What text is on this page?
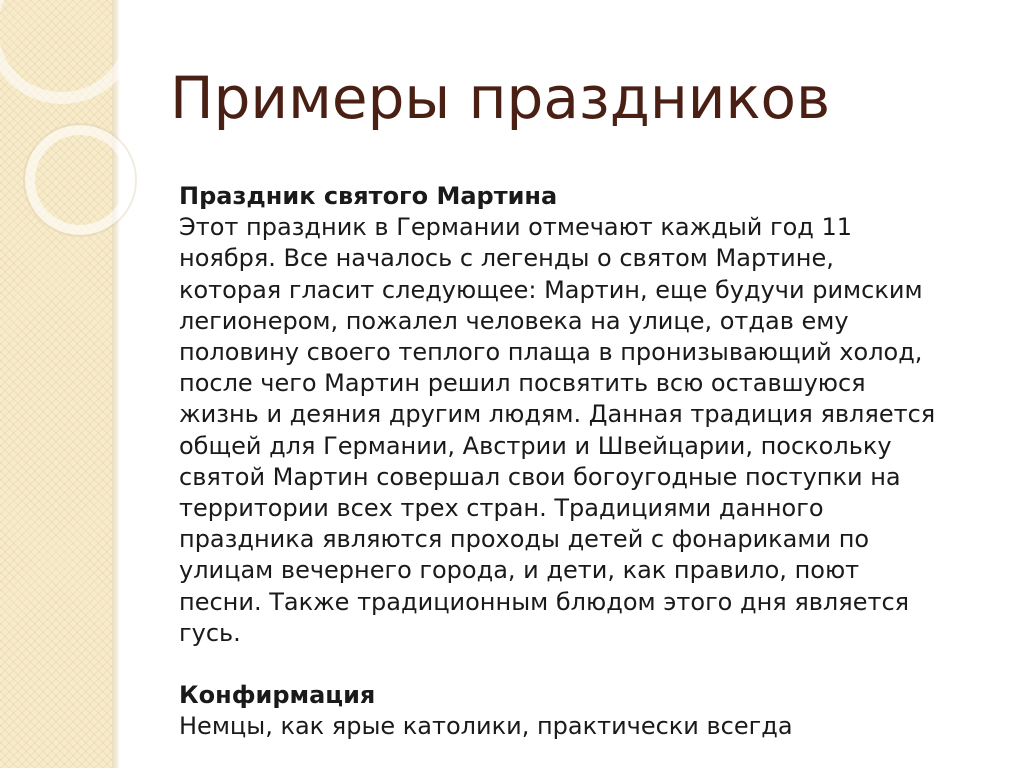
Примеры праздников
Праздник святого Мартина

Этот праздник в Германии отмечают каждый год 11 ноября. Все началось с легенды о святом Мартине, которая гласит следующее: Мартин, еще будучи римским легионером, пожалел человека на улице, отдав ему половину своего теплого плаща в пронизывающий холод, после чего Мартин решил посвятить всю оставшуюся жизнь и деяния другим людям. Данная традиция является общей для Германии, Австрии и Швейцарии, поскольку святой Мартин совершал свои богоугодные поступки на территории всех трех стран. Традициями данного праздника являются проходы детей с фонариками по улицам вечернего города, и дети, как правило, поют песни. Также традиционным блюдом этого дня является гусь.

Конфирмация

Немцы, как ярые католики, практически всегда
